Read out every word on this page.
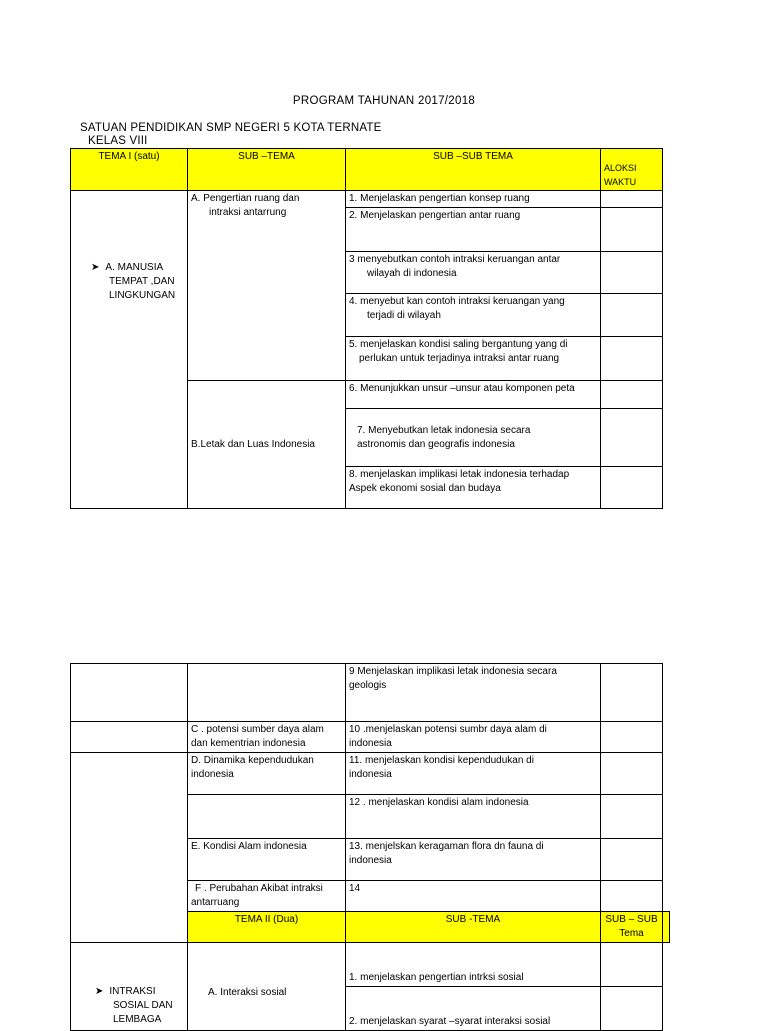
PROGRAM TAHUNAN 2017/2018
SATUAN PENDIDIKAN SMP NEGERI 5 KOTA TERNATE
KELAS VIII
TEMA I (satu)	SUB –TEMA	SUB –SUB TEMA	ALOKSI
WAKTU

➤ A. MANUSIA
TEMPAT ,DAN
LINGKUNGAN	A. Pengertian ruang dan
intraksi antarrung	1. Menjelaskan pengertian konsep ruang	
		2. Menjelaskan pengertian antar ruang	

		3 menyebutkan contoh intraksi keruangan antar
wilayah di indonesia	

		4. menyebut kan contoh intraksi keruangan yang
terjadi di wilayah	

		5. menjelaskan kondisi saling bergantung yang di
perlukan untuk terjadinya intraksi antar ruang	

	B.Letak dan Luas Indonesia	6. Menunjukkan unsur –unsur atau komponen peta	

		7. Menyebutkan letak indonesia secara
astronomis dan geografis indonesia	

		8. menjelaskan implikasi letak indonesia terhadap
Aspek ekonomi sosial dan budaya	

		9 Menjelaskan implikasi letak indonesia secara
geologis		

	C . potensi sumber daya alam
dan kementrian indonesia	10 .menjelaskan potensi sumbr daya alam di
indonesia		

	D. Dinamika kependudukan
indonesia	11. menjelaskan kondisi kependudukan di
indonesia		

		12 . menjelaskan kondisi alam indonesia		
	E. Kondisi Alam indonesia	13. menjelskan keragaman flora dn fauna di
indonesia		

	F . Perubahan Akibat intraksi
antarruang	14		
	TEMA II (Dua)	SUB -TEMA	SUB – SUB Tema	

➤ INTRAKSI
SOSIAL DAN
LEMBAGA	A. Interaksi sosial	1. menjelaskan pengertian intrksi sosial		
		2. menjelaskan syarat –syarat interaksi sosial		
